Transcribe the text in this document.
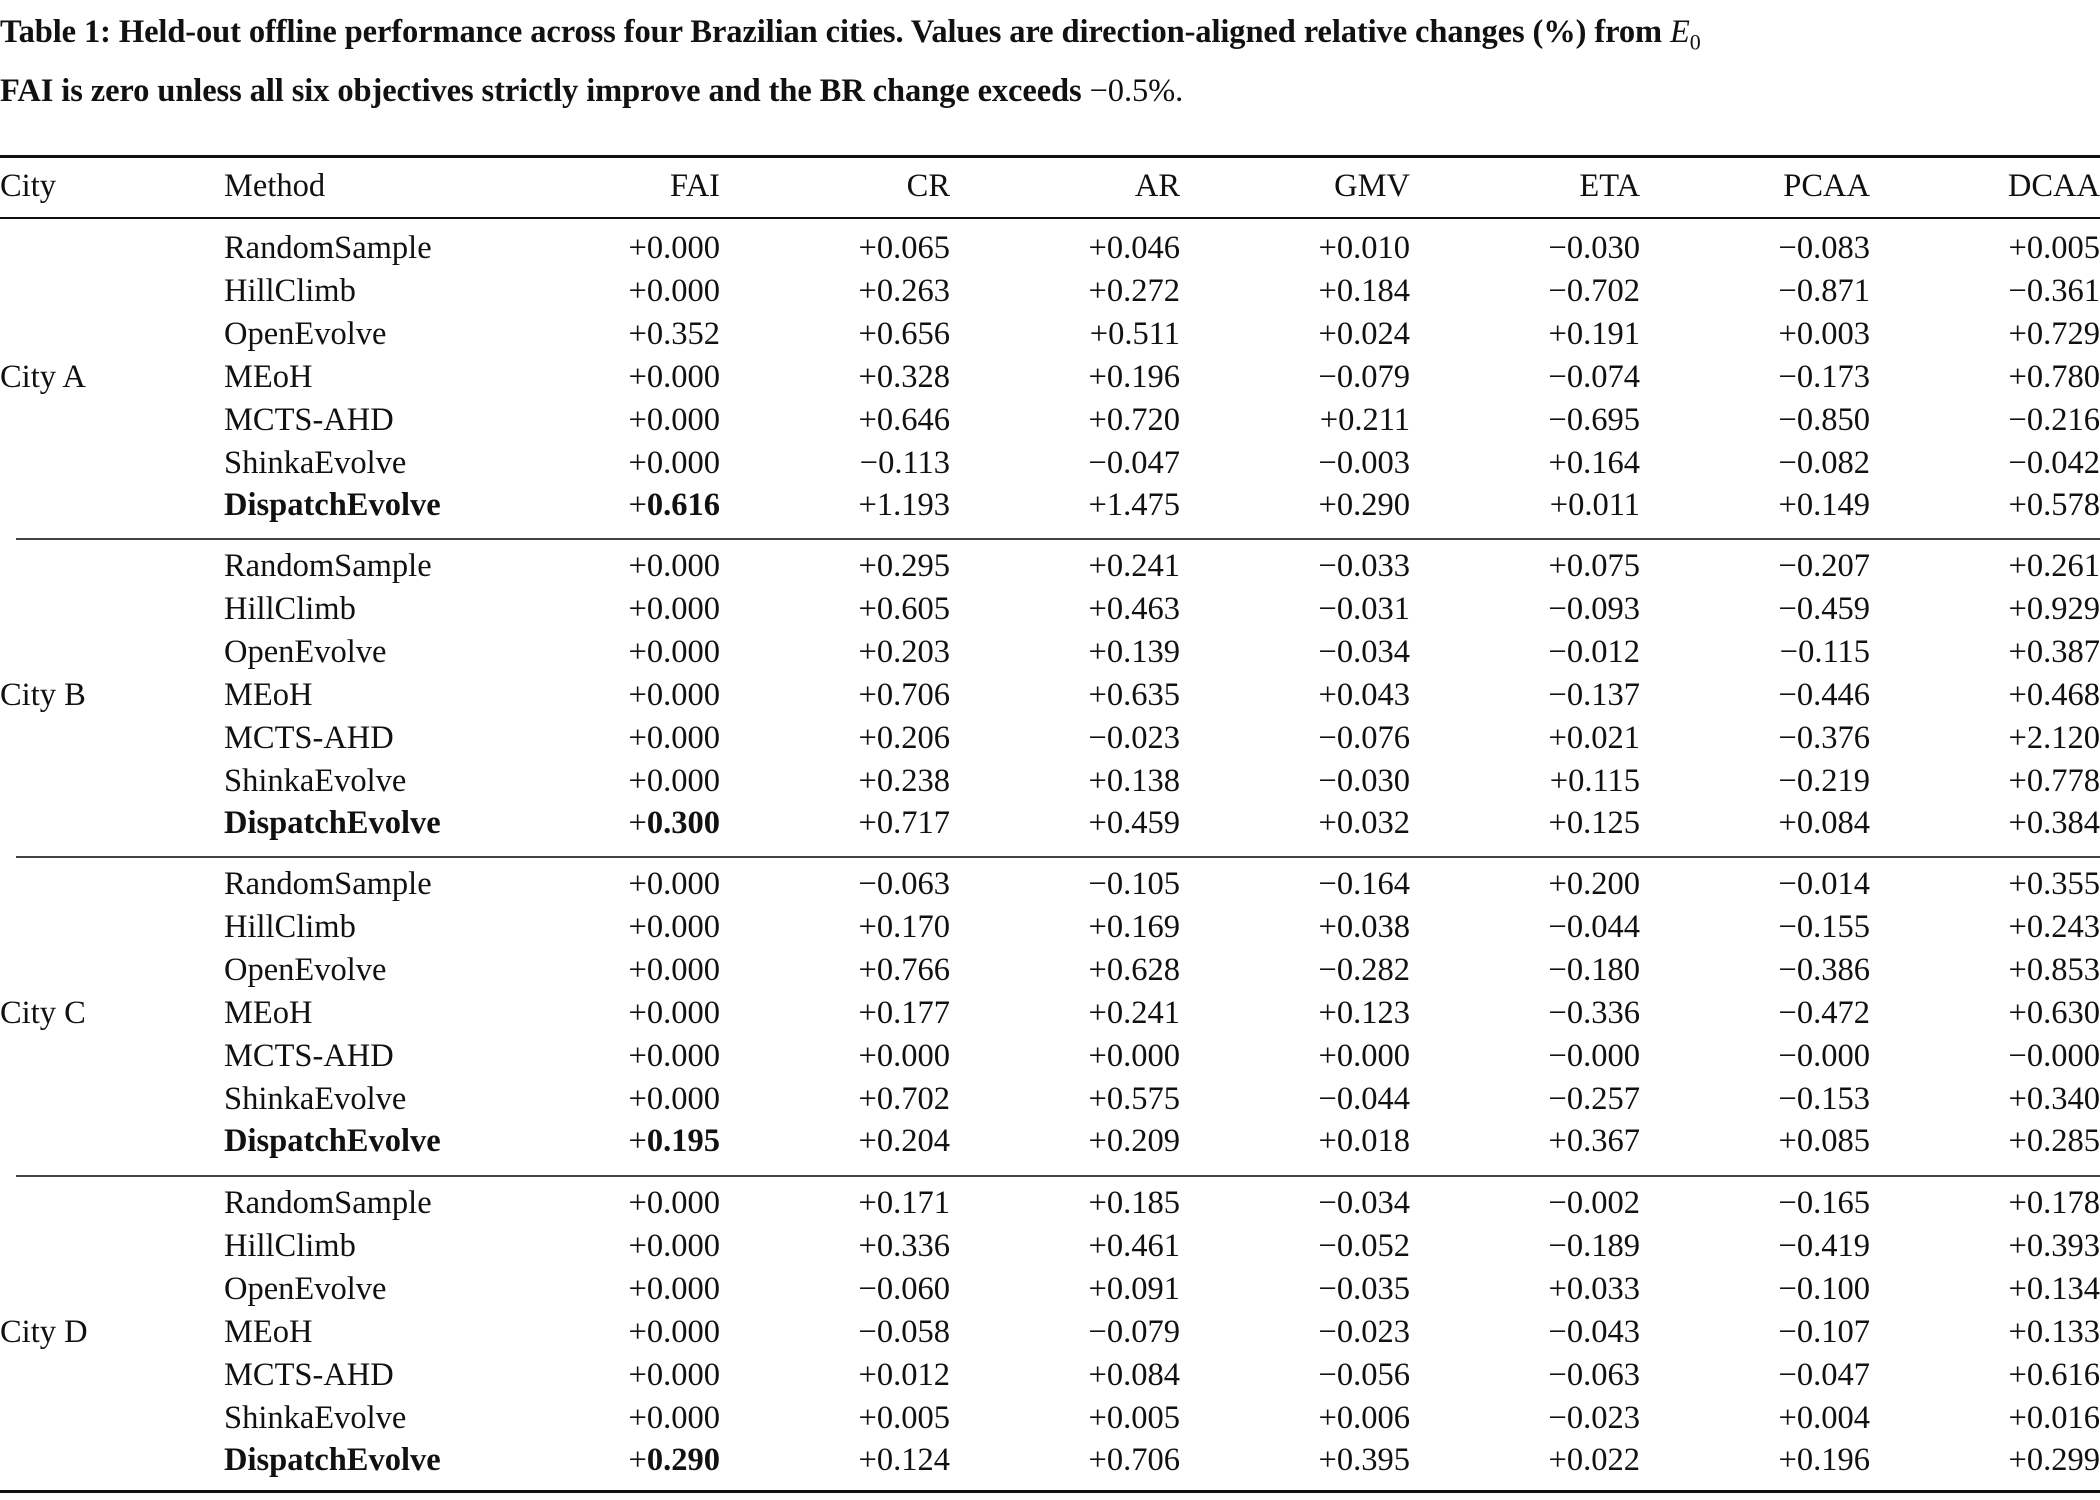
Table 1: Held-out offline performance across four Brazilian cities. Values are direction-aligned relative changes (%) from $E_0$
FAI is zero unless all six objectives strictly improve and the BR change exceeds −0.5%.
City	Method	FAI	CR	AR	GMV	ETA	PCAA	DCAA
City A
RandomSample	+0.000	+0.065	+0.046	+0.010	−0.030	−0.083	+0.005
HillClimb	+0.000	+0.263	+0.272	+0.184	−0.702	−0.871	−0.361
OpenEvolve	+0.352	+0.656	+0.511	+0.024	+0.191	+0.003	+0.729
MEoH	+0.000	+0.328	+0.196	−0.079	−0.074	−0.173	+0.780
MCTS-AHD	+0.000	+0.646	+0.720	+0.211	−0.695	−0.850	−0.216
ShinkaEvolve	+0.000	−0.113	−0.047	−0.003	+0.164	−0.082	−0.042
DispatchEvolve	+0.616	+1.193	+1.475	+0.290	+0.011	+0.149	+0.578
City B
RandomSample	+0.000	+0.295	+0.241	−0.033	+0.075	−0.207	+0.261
HillClimb	+0.000	+0.605	+0.463	−0.031	−0.093	−0.459	+0.929
OpenEvolve	+0.000	+0.203	+0.139	−0.034	−0.012	−0.115	+0.387
MEoH	+0.000	+0.706	+0.635	+0.043	−0.137	−0.446	+0.468
MCTS-AHD	+0.000	+0.206	−0.023	−0.076	+0.021	−0.376	+2.120
ShinkaEvolve	+0.000	+0.238	+0.138	−0.030	+0.115	−0.219	+0.778
DispatchEvolve	+0.300	+0.717	+0.459	+0.032	+0.125	+0.084	+0.384
City C
RandomSample	+0.000	−0.063	−0.105	−0.164	+0.200	−0.014	+0.355
HillClimb	+0.000	+0.170	+0.169	+0.038	−0.044	−0.155	+0.243
OpenEvolve	+0.000	+0.766	+0.628	−0.282	−0.180	−0.386	+0.853
MEoH	+0.000	+0.177	+0.241	+0.123	−0.336	−0.472	+0.630
MCTS-AHD	+0.000	+0.000	+0.000	+0.000	−0.000	−0.000	−0.000
ShinkaEvolve	+0.000	+0.702	+0.575	−0.044	−0.257	−0.153	+0.340
DispatchEvolve	+0.195	+0.204	+0.209	+0.018	+0.367	+0.085	+0.285
City D
RandomSample	+0.000	+0.171	+0.185	−0.034	−0.002	−0.165	+0.178
HillClimb	+0.000	+0.336	+0.461	−0.052	−0.189	−0.419	+0.393
OpenEvolve	+0.000	−0.060	+0.091	−0.035	+0.033	−0.100	+0.134
MEoH	+0.000	−0.058	−0.079	−0.023	−0.043	−0.107	+0.133
MCTS-AHD	+0.000	+0.012	+0.084	−0.056	−0.063	−0.047	+0.616
ShinkaEvolve	+0.000	+0.005	+0.005	+0.006	−0.023	+0.004	+0.016
DispatchEvolve	+0.290	+0.124	+0.706	+0.395	+0.022	+0.196	+0.299
